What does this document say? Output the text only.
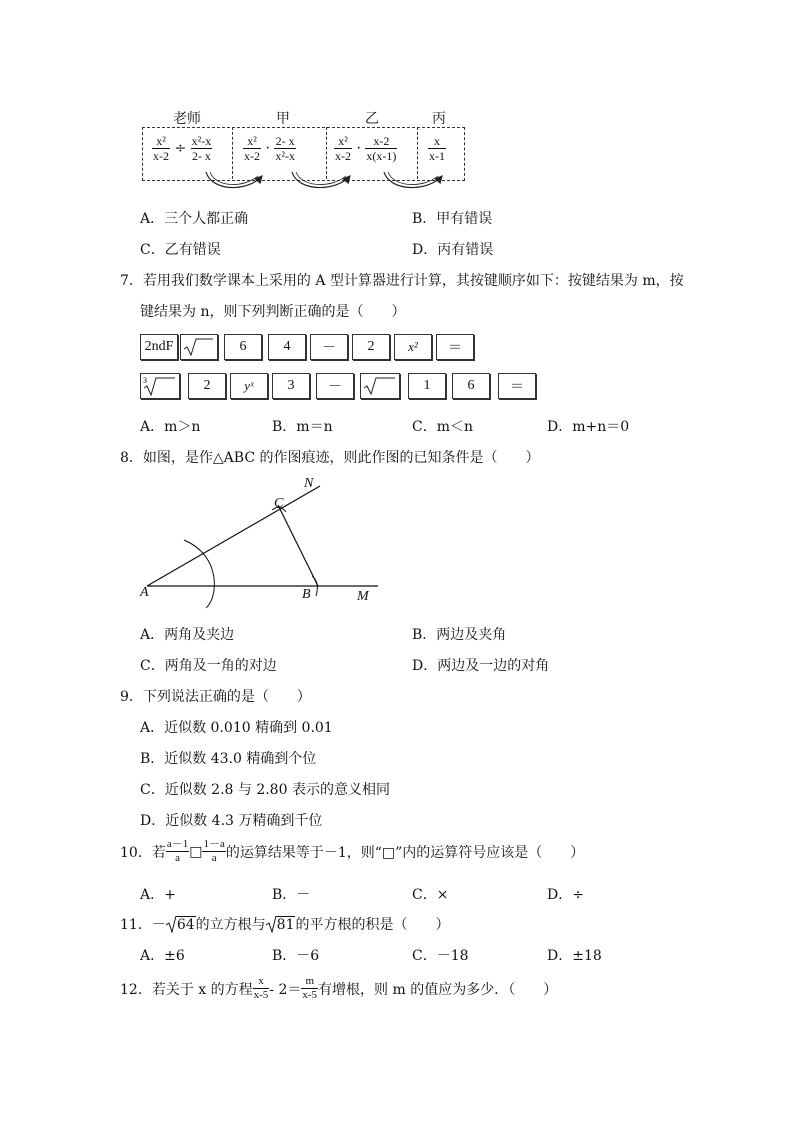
老师	甲	乙	丙
$\frac{\text{x²}}{x-2} \div \frac{\text{x²-x}}{2- x}$	$\frac{\text{x²}}{x-2} \cdot \frac{2- x}{\text{x²-x}}$	$\frac{\text{x²}}{x-2} \cdot \frac{x-2}{x(x-1)}$	$\frac{x}{x-1}$
A．三个人都正确	B．甲有错误
C．乙有错误	D．丙有错误
7．若用我们数学课本上采用的 A 型计算器进行计算，其按键顺序如下：按键结果为 m，按
键结果为 n，则下列判断正确的是（　　）
2ndF	6	4	－	2	x²	＝
3	2	yˣ	3	－	1	6	＝
A．m＞n	B．m＝n	C．m＜n	D．m+n＝0
8．如图，是作△ABC 的作图痕迹，则此作图的已知条件是（　　）
A	B
C
M
N
A．两角及夹边	B．两边及夹角
C．两角及一角的对边	D．两边及一边的对角
9．下列说法正确的是（　　）
A．近似数 0.010 精确到 0.01
B．近似数 43.0 精确到个位
C．近似数 2.8 与 2.80 表示的意义相同
D．近似数 4.3 万精确到千位
10．若 $\frac{a-1}{a}$ □ $\frac{1-a}{a}$ 的运算结果等于－1，则“□”内的运算符号应该是（　　）
A．+	B．－	C．×	D．÷
11．－ 64 的立方根与 81 的平方根的积是（　　）
A．±6	B．－6	C．－18	D．±18
12．若关于 x 的方程 $\frac{x}{x-5} - 2= \frac{m}{x-5}$ 有增根，则 m 的值应为多少．（　　）
